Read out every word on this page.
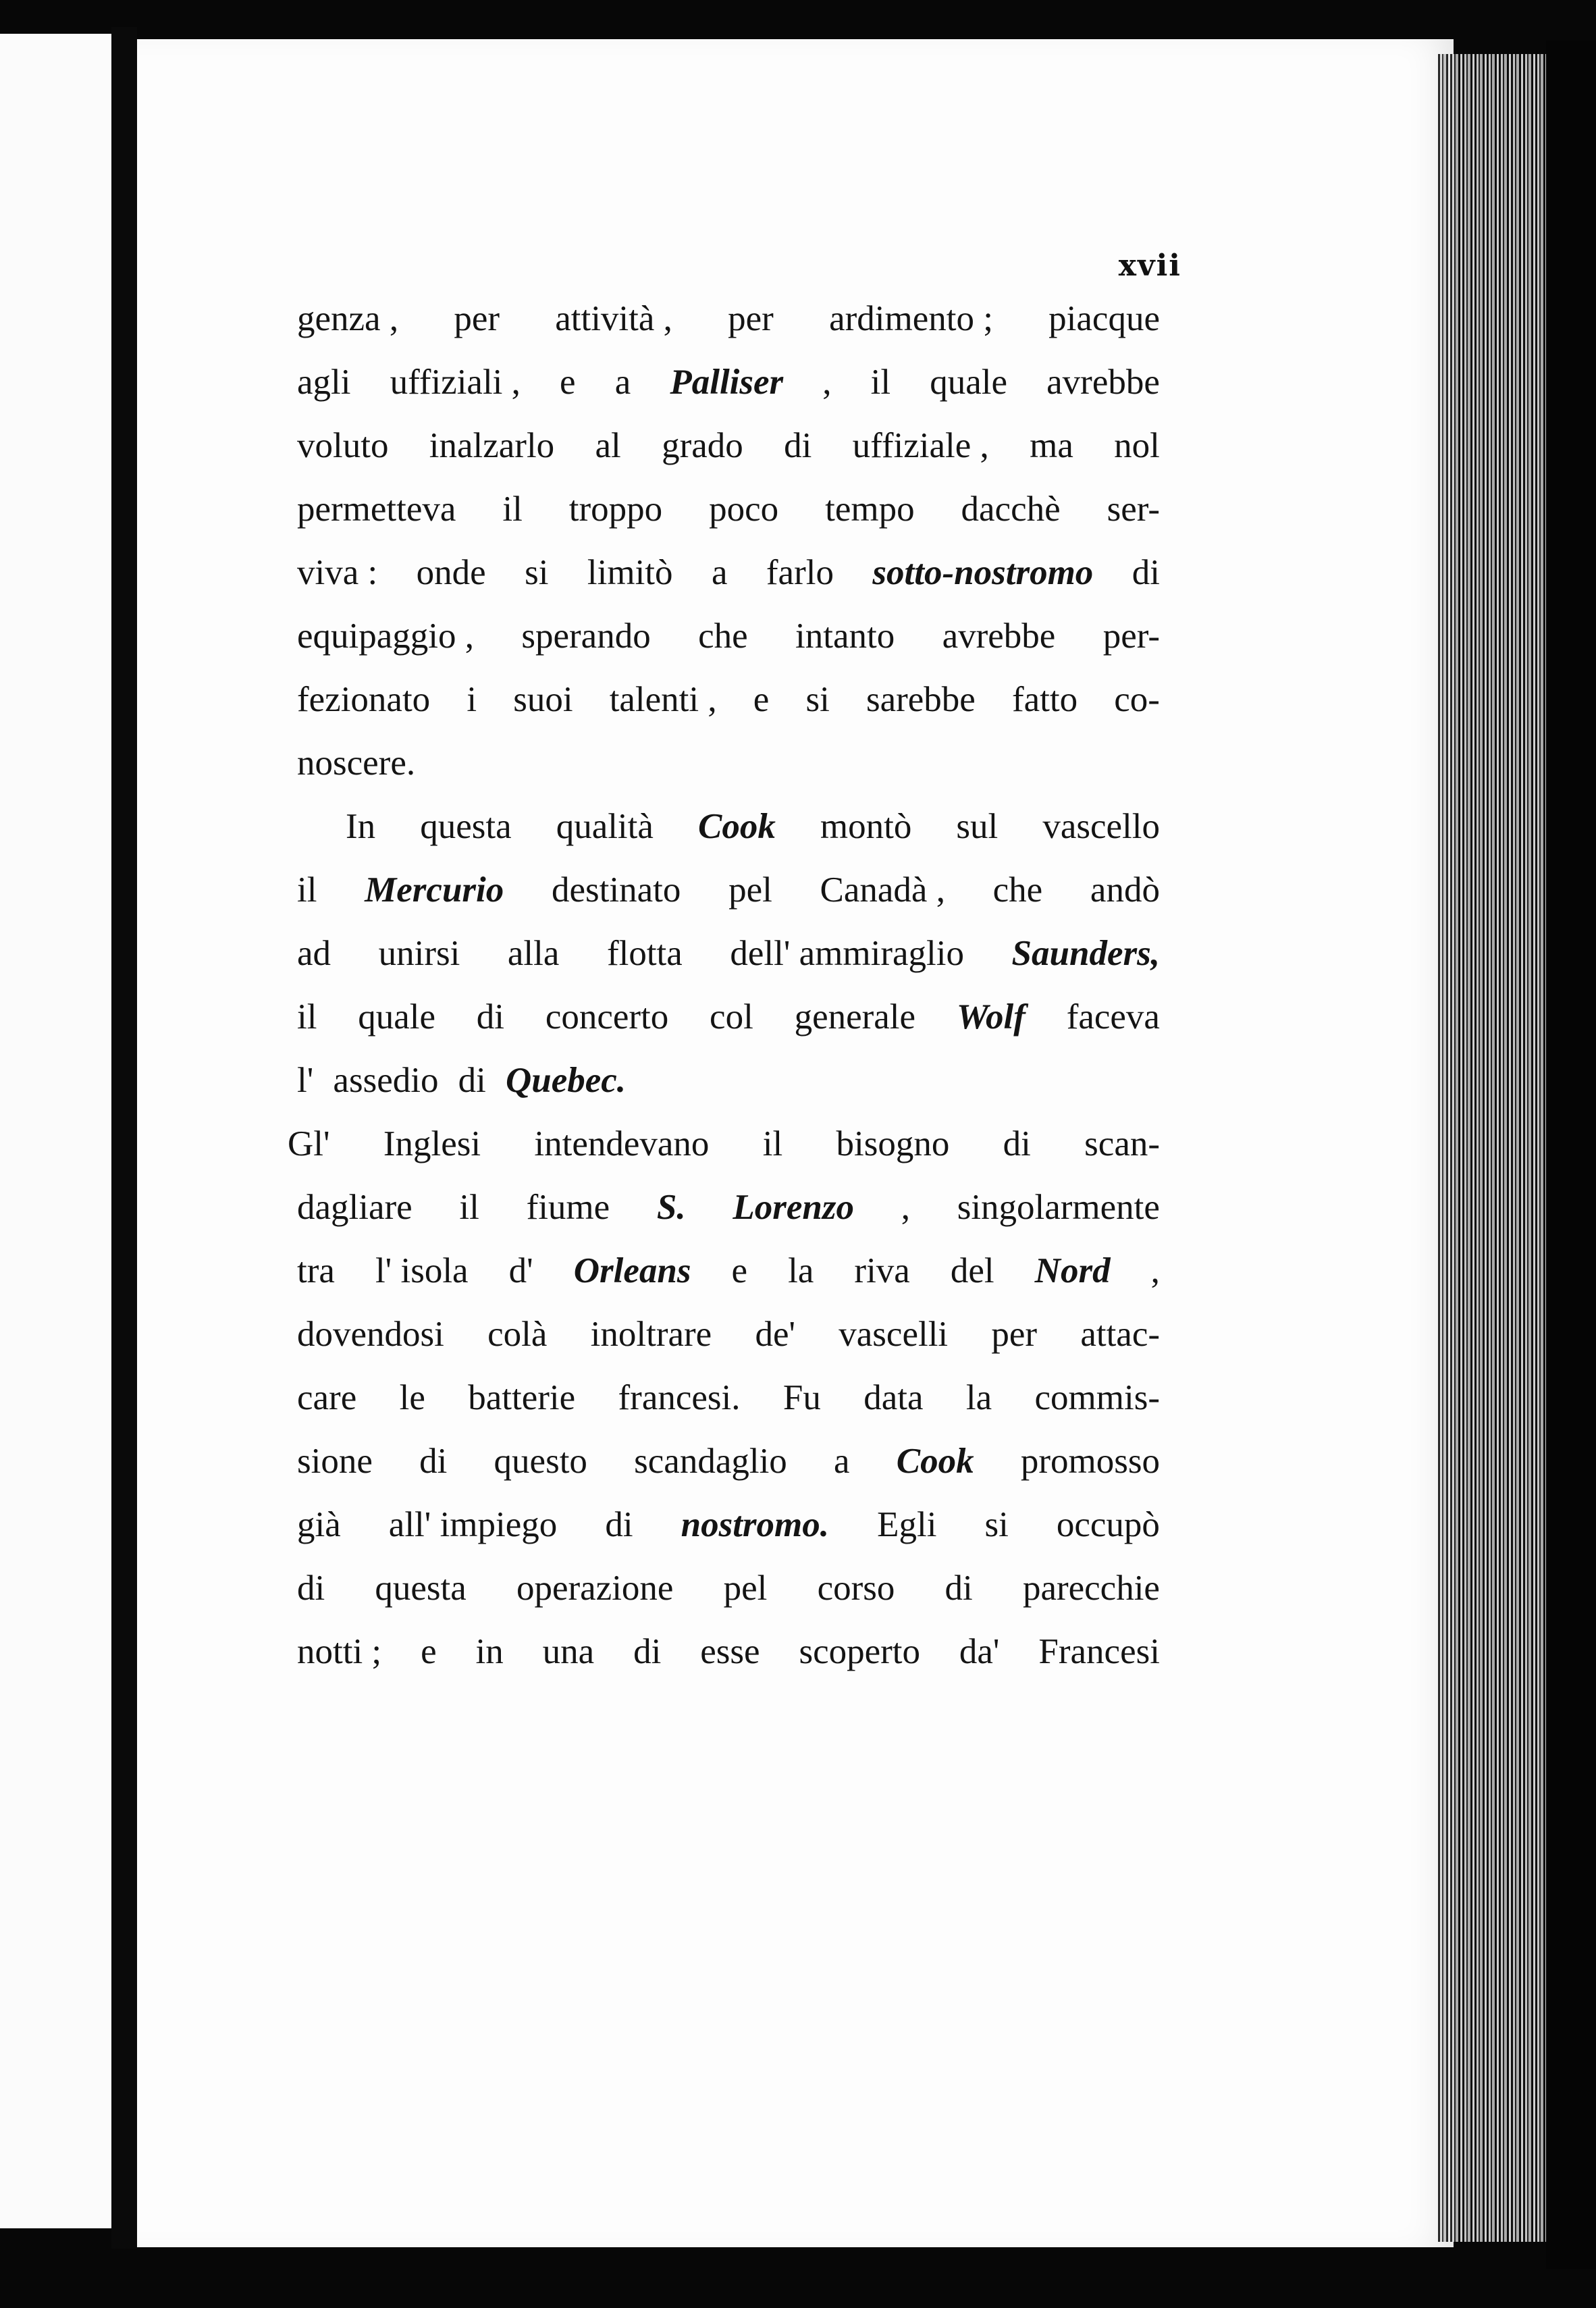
xvii
genza , per attività , per ardimento ; piacque
agli uffiziali , e a Palliser , il quale avrebbe
voluto inalzarlo al grado di uffiziale , ma nol
permetteva il troppo poco tempo dacchè ser-
viva : onde si limitò a farlo sotto-nostromo di
equipaggio , sperando che intanto avrebbe per-
fezionato i suoi talenti , e si sarebbe fatto co-
noscere.
In questa qualità Cook montò sul vascello
il Mercurio destinato pel Canadà , che andò
ad unirsi alla flotta dell' ammiraglio Saunders,
il quale di concerto col generale Wolf faceva
l' assedio di Quebec.
Gl' Inglesi intendevano il bisogno di scan-
dagliare il fiume S. Lorenzo , singolarmente
tra l' isola d' Orleans e la riva del Nord ,
dovendosi colà inoltrare de' vascelli per attac-
care le batterie francesi. Fu data la commis-
sione di questo scandaglio a Cook promosso
già all' impiego di nostromo. Egli si occupò
di questa operazione pel corso di parecchie
notti ; e in una di esse scoperto da' Francesi
